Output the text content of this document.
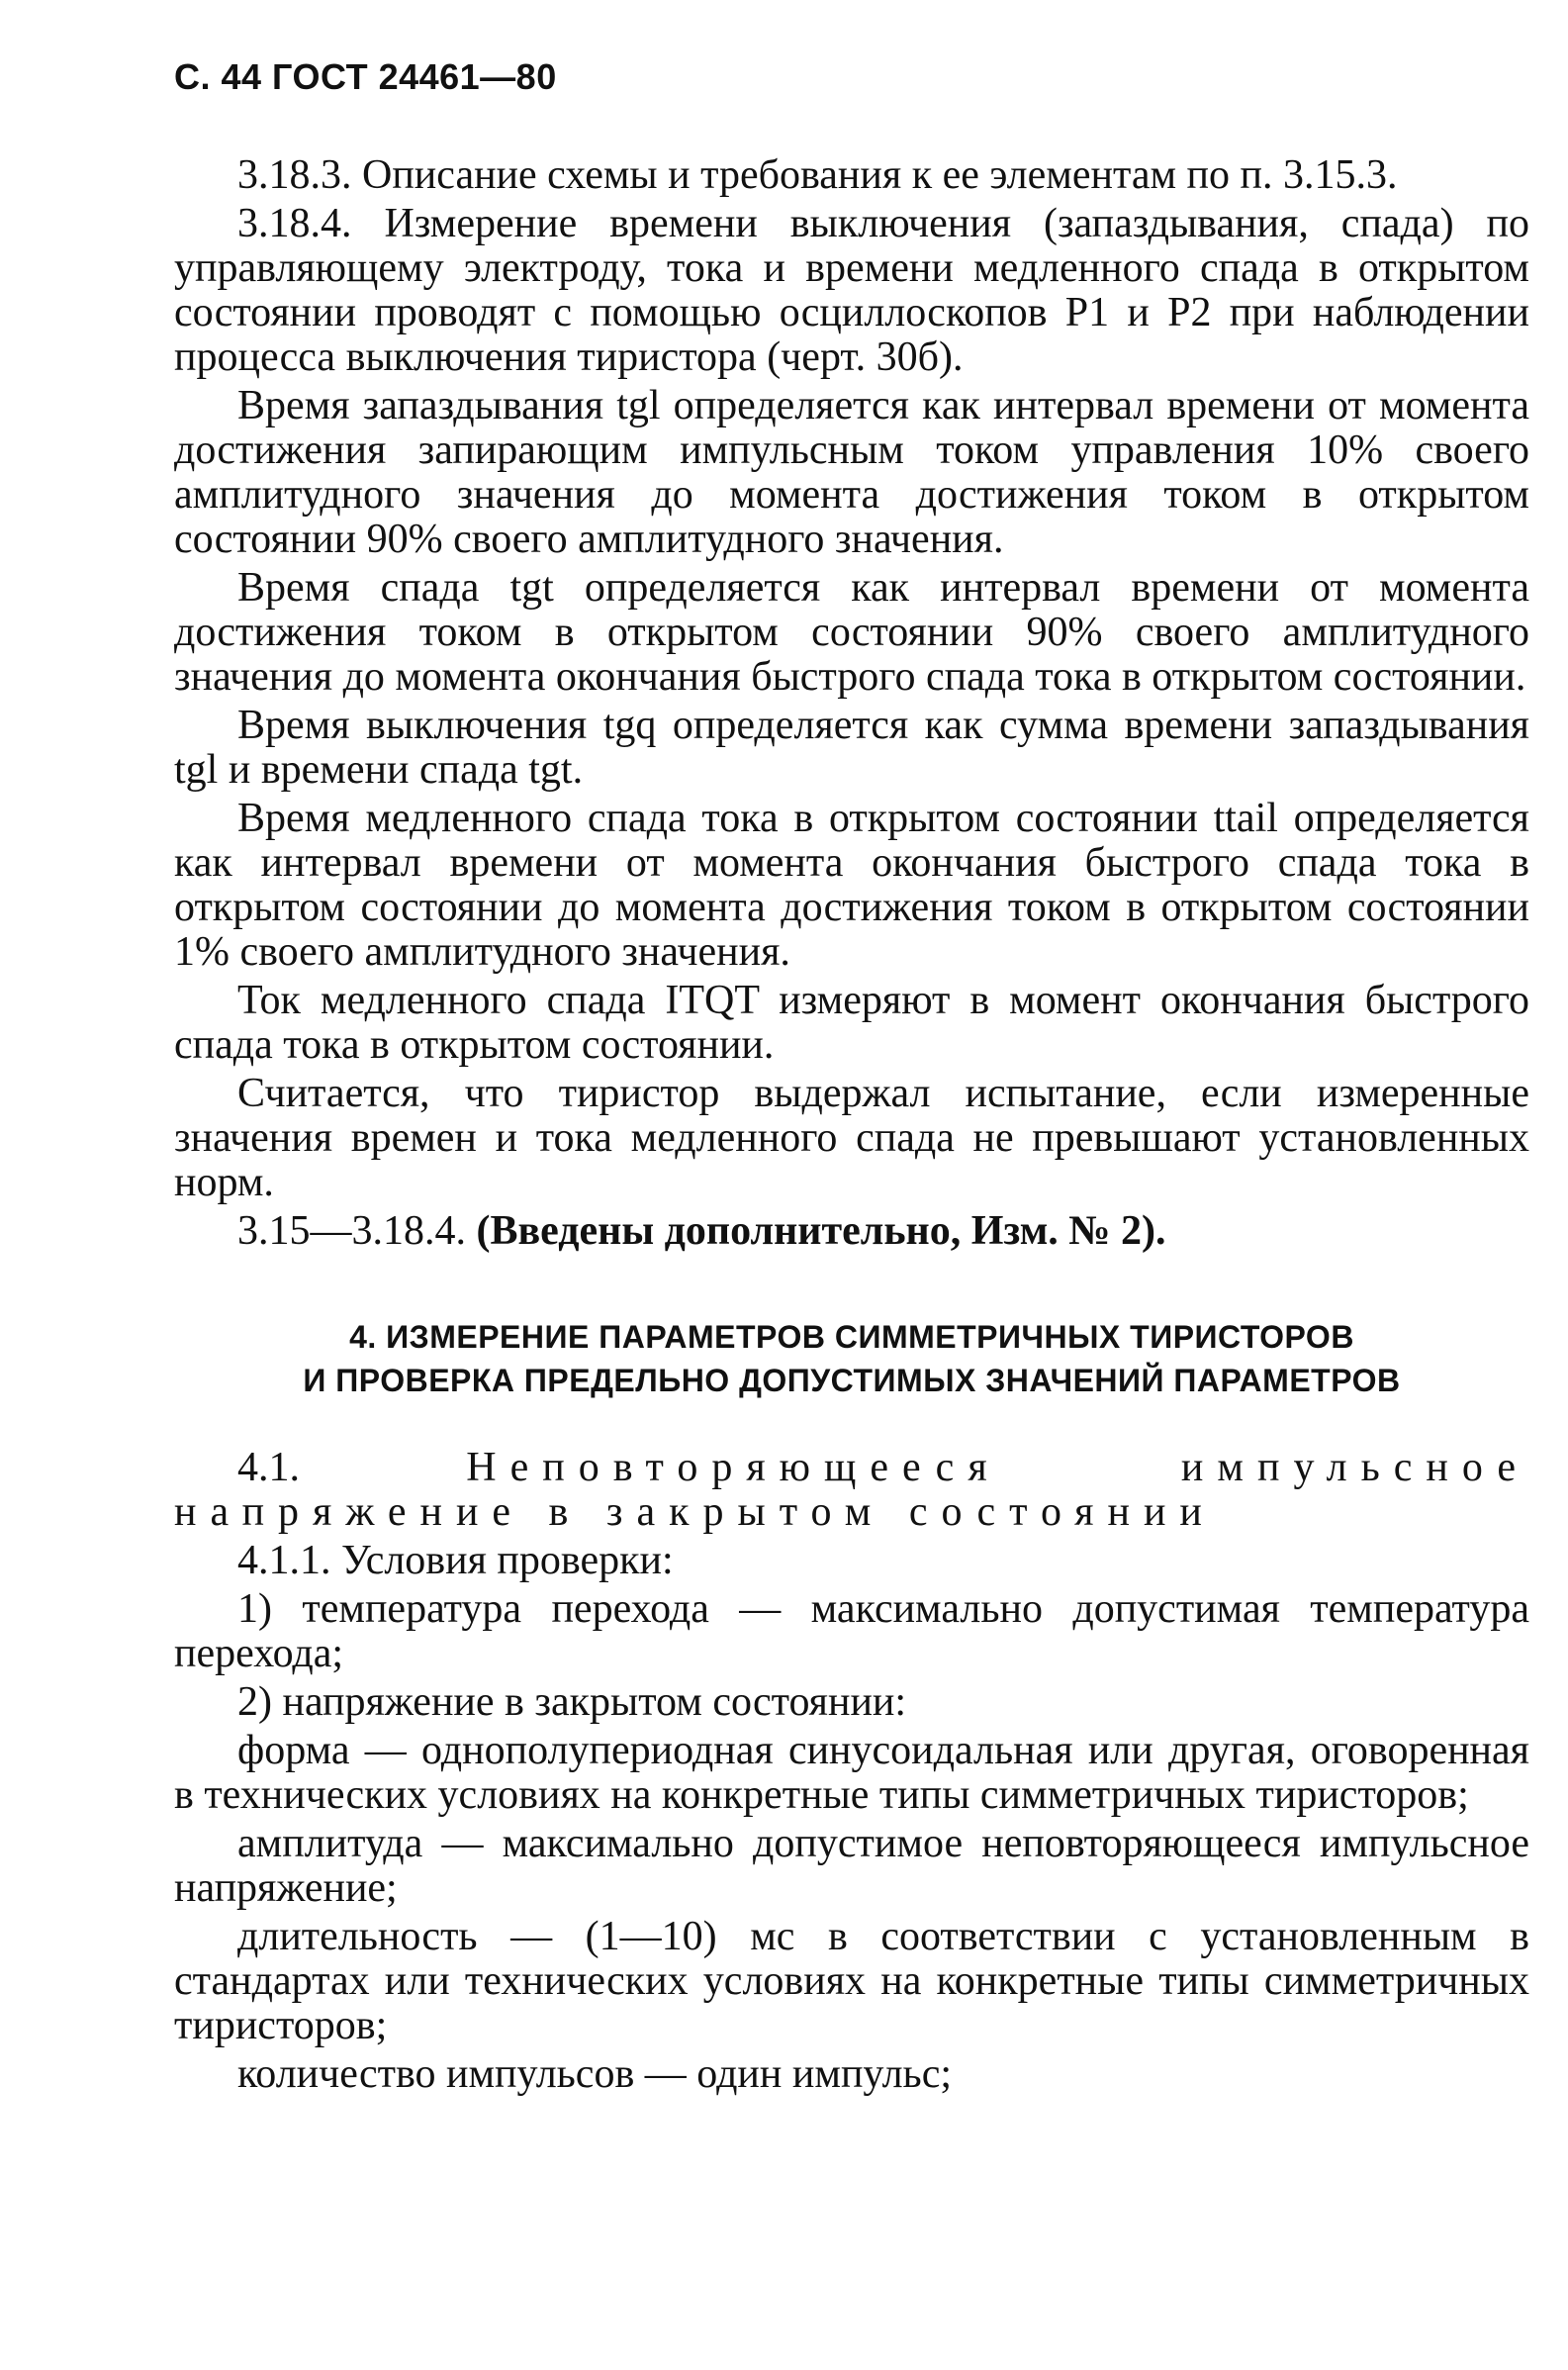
С. 44 ГОСТ 24461—80

3.18.3. Описание схемы и требования к ее элементам по п. 3.15.3.

3.18.4. Измерение времени выключения (запаздывания, спада) по управляющему электроду, тока и времени медленного спада в открытом состоянии проводят с помощью осциллоскопов Р1 и Р2 при наблюдении процесса выключения тиристора (черт. 30б).

Время запаздывания tgl определяется как интервал времени от момента достижения запирающим импульсным током управления 10% своего амплитудного значения до момента достижения током в открытом состоянии 90% своего амплитудного значения.

Время спада tgt определяется как интервал времени от момента достижения током в открытом состоянии 90% своего амплитудного значения до момента окончания быстрого спада тока в открытом состоянии.

Время выключения tgq определяется как сумма времени запаздывания tgl и времени спада tgt.

Время медленного спада тока в открытом состоянии ttail определяется как интервал времени от момента окончания быстрого спада тока в открытом состоянии до момента достижения током в открытом состоянии 1% своего амплитудного значения.

Ток медленного спада ITQT измеряют в момент окончания быстрого спада тока в открытом состоянии.

Считается, что тиристор выдержал испытание, если измеренные значения времен и тока медленного спада не превышают установленных норм.

3.15—3.18.4. (Введены дополнительно, Изм. № 2).

4. ИЗМЕРЕНИЕ ПАРАМЕТРОВ СИММЕТРИЧНЫХ ТИРИСТОРОВ
И ПРОВЕРКА ПРЕДЕЛЬНО ДОПУСТИМЫХ ЗНАЧЕНИЙ ПАРАМЕТРОВ

4.1.	Неповторяющееся импульсное напряжение в закрытом состоянии

4.1.1. Условия проверки:

1) температура перехода — максимально допустимая температура перехода;

2) напряжение в закрытом состоянии:

форма — однополупериодная синусоидальная или другая, оговоренная в технических условиях на конкретные типы симметричных тиристоров;

амплитуда — максимально допустимое неповторяющееся импульсное напряжение;

длительность — (1—10) мс в соответствии с установленным в стандартах или технических условиях на конкретные типы симметричных тиристоров;

количество импульсов — один импульс;
